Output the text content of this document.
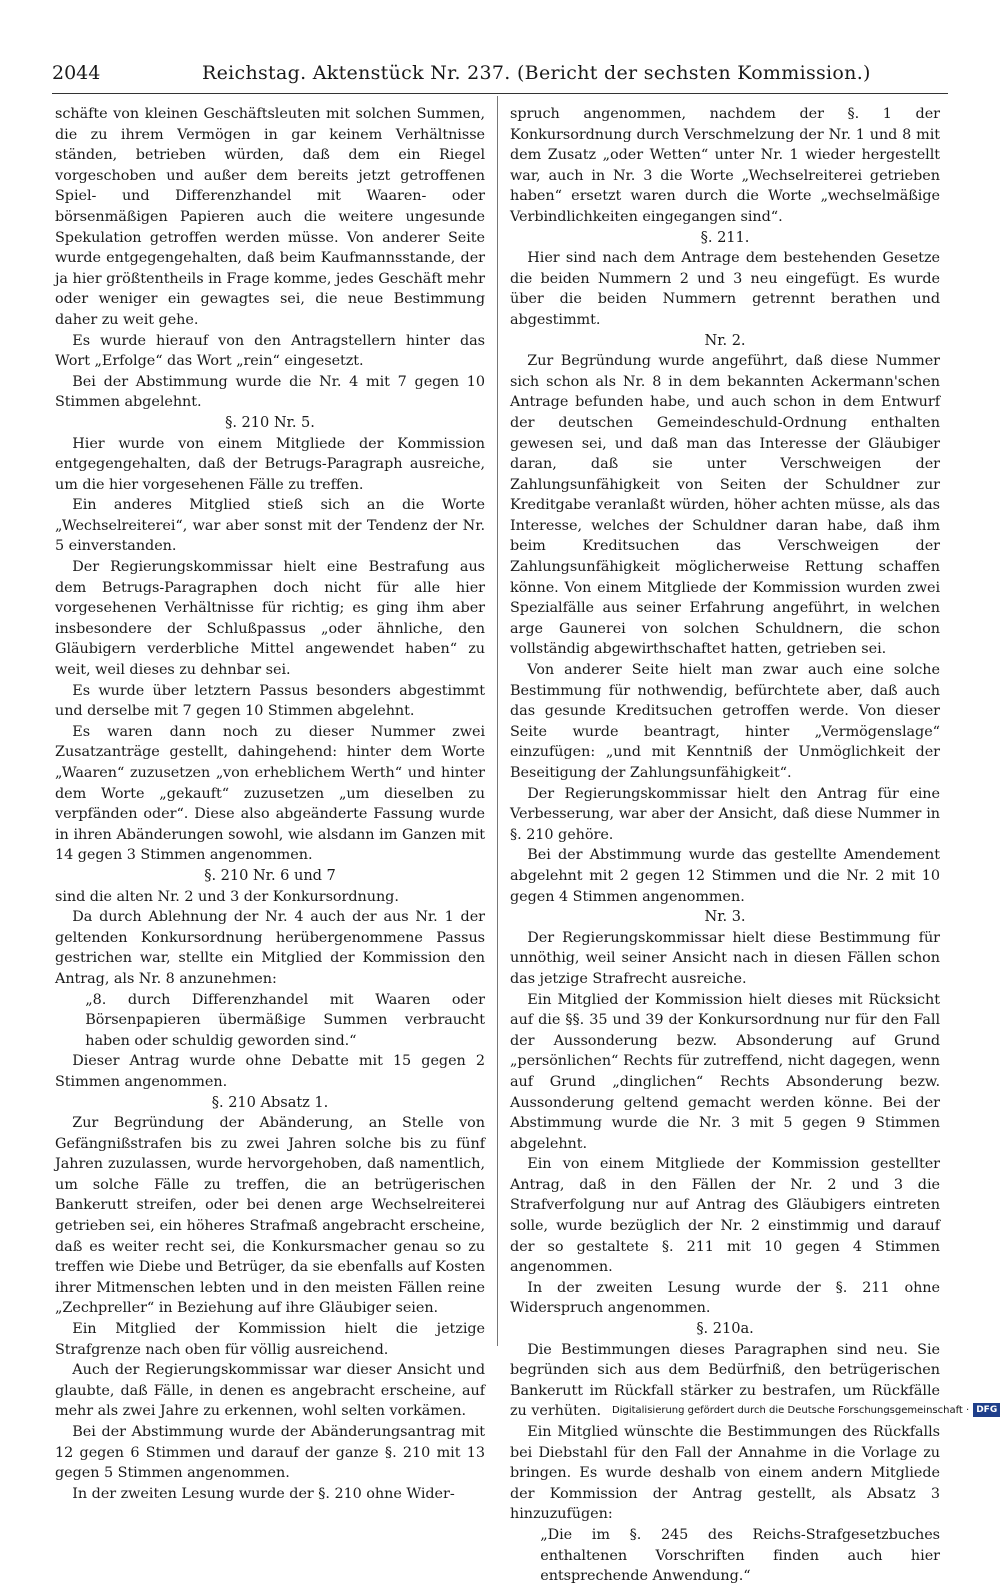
2044	Reichstag. Aktenstück Nr. 237. (Bericht der sechsten Kommission.)

schäfte von kleinen Geschäftsleuten mit solchen Summen, die zu ihrem Vermögen in gar keinem Verhältnisse ständen, betrieben würden, daß dem ein Riegel vorgeschoben und außer dem bereits jetzt getroffenen Spiel- und Differenzhandel mit Waaren- oder börsenmäßigen Papieren auch die weitere ungesunde Spekulation getroffen werden müsse. Von anderer Seite wurde entgegengehalten, daß beim Kaufmannsstande, der ja hier größtentheils in Frage komme, jedes Geschäft mehr oder weniger ein gewagtes sei, die neue Bestimmung daher zu weit gehe.

Es wurde hierauf von den Antragstellern hinter das Wort „Erfolge“ das Wort „rein“ eingesetzt.

Bei der Abstimmung wurde die Nr. 4 mit 7 gegen 10 Stimmen abgelehnt.

§. 210 Nr. 5.

Hier wurde von einem Mitgliede der Kommission entgegengehalten, daß der Betrugs-Paragraph ausreiche, um die hier vorgesehenen Fälle zu treffen.

Ein anderes Mitglied stieß sich an die Worte „Wechselreiterei“, war aber sonst mit der Tendenz der Nr. 5 einverstanden.

Der Regierungskommissar hielt eine Bestrafung aus dem Betrugs-Paragraphen doch nicht für alle hier vorgesehenen Verhältnisse für richtig; es ging ihm aber insbesondere der Schlußpassus „oder ähnliche, den Gläubigern verderbliche Mittel angewendet haben“ zu weit, weil dieses zu dehnbar sei.

Es wurde über letztern Passus besonders abgestimmt und derselbe mit 7 gegen 10 Stimmen abgelehnt.

Es waren dann noch zu dieser Nummer zwei Zusatzanträge gestellt, dahingehend: hinter dem Worte „Waaren“ zuzusetzen „von erheblichem Werth“ und hinter dem Worte „gekauft“ zuzusetzen „um dieselben zu verpfänden oder“. Diese also abgeänderte Fassung wurde in ihren Abänderungen sowohl, wie alsdann im Ganzen mit 14 gegen 3 Stimmen angenommen.

§. 210 Nr. 6 und 7

sind die alten Nr. 2 und 3 der Konkursordnung.

Da durch Ablehnung der Nr. 4 auch der aus Nr. 1 der geltenden Konkursordnung herübergenommene Passus gestrichen war, stellte ein Mitglied der Kommission den Antrag, als Nr. 8 anzunehmen:

„8. durch Differenzhandel mit Waaren oder Börsenpapieren übermäßige Summen verbraucht haben oder schuldig geworden sind.“

Dieser Antrag wurde ohne Debatte mit 15 gegen 2 Stimmen angenommen.

§. 210 Absatz 1.

Zur Begründung der Abänderung, an Stelle von Gefängnißstrafen bis zu zwei Jahren solche bis zu fünf Jahren zuzulassen, wurde hervorgehoben, daß namentlich, um solche Fälle zu treffen, die an betrügerischen Bankerutt streifen, oder bei denen arge Wechselreiterei getrieben sei, ein höheres Strafmaß angebracht erscheine, daß es weiter recht sei, die Konkursmacher genau so zu treffen wie Diebe und Betrüger, da sie ebenfalls auf Kosten ihrer Mitmenschen lebten und in den meisten Fällen reine „Zechpreller“ in Beziehung auf ihre Gläubiger seien.

Ein Mitglied der Kommission hielt die jetzige Strafgrenze nach oben für völlig ausreichend.

Auch der Regierungskommissar war dieser Ansicht und glaubte, daß Fälle, in denen es angebracht erscheine, auf mehr als zwei Jahre zu erkennen, wohl selten vorkämen.

Bei der Abstimmung wurde der Abänderungsantrag mit 12 gegen 6 Stimmen und darauf der ganze §. 210 mit 13 gegen 5 Stimmen angenommen.

In der zweiten Lesung wurde der §. 210 ohne Wider-

spruch angenommen, nachdem der §. 1 der Konkursordnung durch Verschmelzung der Nr. 1 und 8 mit dem Zusatz „oder Wetten“ unter Nr. 1 wieder hergestellt war, auch in Nr. 3 die Worte „Wechselreiterei getrieben haben“ ersetzt waren durch die Worte „wechselmäßige Verbindlichkeiten eingegangen sind“.

§. 211.

Hier sind nach dem Antrage dem bestehenden Gesetze die beiden Nummern 2 und 3 neu eingefügt. Es wurde über die beiden Nummern getrennt berathen und abgestimmt.

Nr. 2.

Zur Begründung wurde angeführt, daß diese Nummer sich schon als Nr. 8 in dem bekannten Ackermann'schen Antrage befunden habe, und auch schon in dem Entwurf der deutschen Gemeindeschuld-Ordnung enthalten gewesen sei, und daß man das Interesse der Gläubiger daran, daß sie unter Verschweigen der Zahlungsunfähigkeit von Seiten der Schuldner zur Kreditgabe veranlaßt würden, höher achten müsse, als das Interesse, welches der Schuldner daran habe, daß ihm beim Kreditsuchen das Verschweigen der Zahlungsunfähigkeit möglicherweise Rettung schaffen könne. Von einem Mitgliede der Kommission wurden zwei Spezialfälle aus seiner Erfahrung angeführt, in welchen arge Gaunerei von solchen Schuldnern, die schon vollständig abgewirthschaftet hatten, getrieben sei.

Von anderer Seite hielt man zwar auch eine solche Bestimmung für nothwendig, befürchtete aber, daß auch das gesunde Kreditsuchen getroffen werde. Von dieser Seite wurde beantragt, hinter „Vermögenslage“ einzufügen: „und mit Kenntniß der Unmöglichkeit der Beseitigung der Zahlungsunfähigkeit“.

Der Regierungskommissar hielt den Antrag für eine Verbesserung, war aber der Ansicht, daß diese Nummer in §. 210 gehöre.

Bei der Abstimmung wurde das gestellte Amendement abgelehnt mit 2 gegen 12 Stimmen und die Nr. 2 mit 10 gegen 4 Stimmen angenommen.

Nr. 3.

Der Regierungskommissar hielt diese Bestimmung für unnöthig, weil seiner Ansicht nach in diesen Fällen schon das jetzige Strafrecht ausreiche.

Ein Mitglied der Kommission hielt dieses mit Rücksicht auf die §§. 35 und 39 der Konkursordnung nur für den Fall der Aussonderung bezw. Absonderung auf Grund „persönlichen“ Rechts für zutreffend, nicht dagegen, wenn auf Grund „dinglichen“ Rechts Absonderung bezw. Aussonderung geltend gemacht werden könne. Bei der Abstimmung wurde die Nr. 3 mit 5 gegen 9 Stimmen abgelehnt.

Ein von einem Mitgliede der Kommission gestellter Antrag, daß in den Fällen der Nr. 2 und 3 die Strafverfolgung nur auf Antrag des Gläubigers eintreten solle, wurde bezüglich der Nr. 2 einstimmig und darauf der so gestaltete §. 211 mit 10 gegen 4 Stimmen angenommen.

In der zweiten Lesung wurde der §. 211 ohne Widerspruch angenommen.

§. 210a.

Die Bestimmungen dieses Paragraphen sind neu. Sie begründen sich aus dem Bedürfniß, den betrügerischen Bankerutt im Rückfall stärker zu bestrafen, um Rückfälle zu verhüten.

Ein Mitglied wünschte die Bestimmungen des Rückfalls bei Diebstahl für den Fall der Annahme in die Vorlage zu bringen. Es wurde deshalb von einem andern Mitgliede der Kommission der Antrag gestellt, als Absatz 3 hinzuzufügen:

„Die im §. 245 des Reichs-Strafgesetzbuches enthaltenen Vorschriften finden auch hier entsprechende Anwendung.“

Digitalisierung gefördert durch die Deutsche Forschungsgemeinschaft · DFG
